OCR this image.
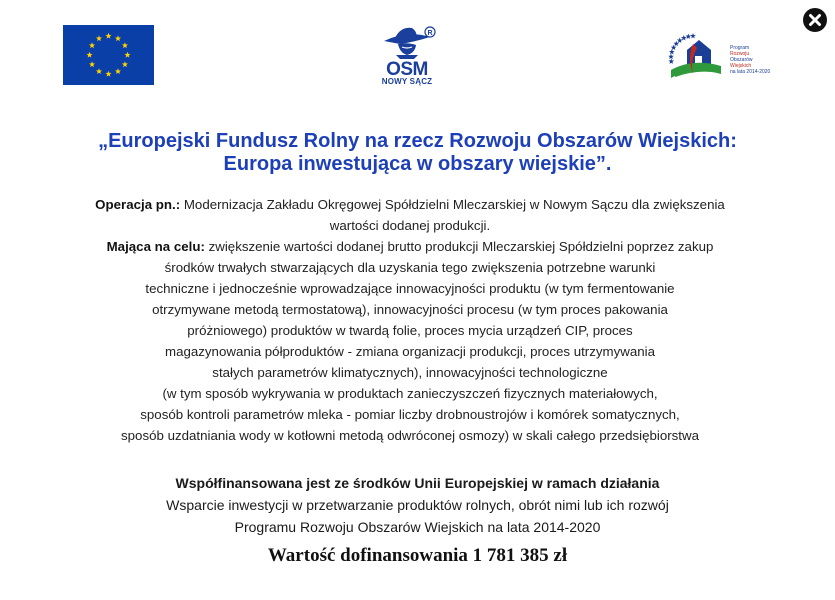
R
OSM
NOWY SĄCZ
Program
Rozwoju
Obszarów
Wiejskich
na lata 2014-2020
„Europejski Fundusz Rolny na rzecz Rozwoju Obszarów Wiejskich:
Europa inwestująca w obszary wiejskie”.
Operacja pn.: Modernizacja Zakładu Okręgowej Spółdzielni Mleczarskiej w Nowym Sączu dla zwiększenia
wartości dodanej produkcji.
Mająca na celu: zwiększenie wartości dodanej brutto produkcji Mleczarskiej Spółdzielni poprzez zakup
środków trwałych stwarzających dla uzyskania tego zwiększenia potrzebne warunki
techniczne i jednocześnie wprowadzające innowacyjności produktu (w tym fermentowanie
otrzymywane metodą termostatową), innowacyjności procesu (w tym proces pakowania
próżniowego) produktów w twardą folie, proces mycia urządzeń CIP, proces
magazynowania półproduktów - zmiana organizacji produkcji, proces utrzymywania
stałych parametrów klimatycznych), innowacyjności technologiczne
(w tym sposób wykrywania w produktach zanieczyszczeń fizycznych materiałowych,
sposób kontroli parametrów mleka - pomiar liczby drobnoustrojów i komórek somatycznych,
sposób uzdatniania wody w kotłowni metodą odwróconej osmozy) w skali całego przedsiębiorstwa
Współfinansowana jest ze środków Unii Europejskiej w ramach działania
Wsparcie inwestycji w przetwarzanie produktów rolnych, obrót nimi lub ich rozwój
Programu Rozwoju Obszarów Wiejskich na lata 2014-2020
Wartość dofinansowania 1 781 385 zł
